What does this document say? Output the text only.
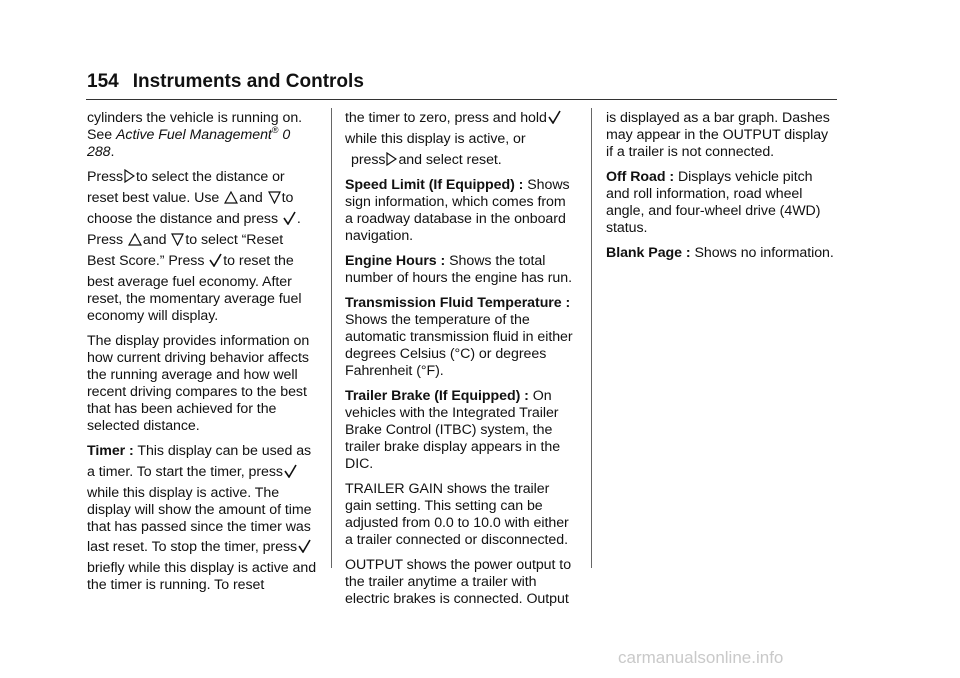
154 Instruments and Controls

cylinders the vehicle is running on. See Active Fuel Management® 0 288.

Press to select the distance or
reset best value. Use and to
choose the distance and press .
Press and to select “Reset
Best Score.” Press to reset the

best average fuel economy. After reset, the momentary average fuel economy will display.

The display provides information on how current driving behavior affects the running average and how well recent driving compares to the best that has been achieved for the selected distance.

Timer : This display can be used as
a timer. To start the timer, press

while this display is active. The display will show the amount of time that has passed since the timer was

last reset. To stop the timer, press

briefly while this display is active and the timer is running. To reset

the timer to zero, press and hold
while this display is active, or
press and select reset.

Speed Limit (If Equipped) : Shows sign information, which comes from a roadway database in the onboard navigation.

Engine Hours : Shows the total number of hours the engine has run.

Transmission Fluid Temperature : Shows the temperature of the automatic transmission fluid in either degrees Celsius (°C) or degrees Fahrenheit (°F).

Trailer Brake (If Equipped) : On vehicles with the Integrated Trailer Brake Control (ITBC) system, the trailer brake display appears in the DIC.

TRAILER GAIN shows the trailer gain setting. This setting can be adjusted from 0.0 to 10.0 with either a trailer connected or disconnected.

OUTPUT shows the power output to the trailer anytime a trailer with electric brakes is connected. Output

is displayed as a bar graph. Dashes may appear in the OUTPUT display if a trailer is not connected.

Off Road : Displays vehicle pitch and roll information, road wheel angle, and four-wheel drive (4WD) status.

Blank Page : Shows no information.

carmanualsonline.info
